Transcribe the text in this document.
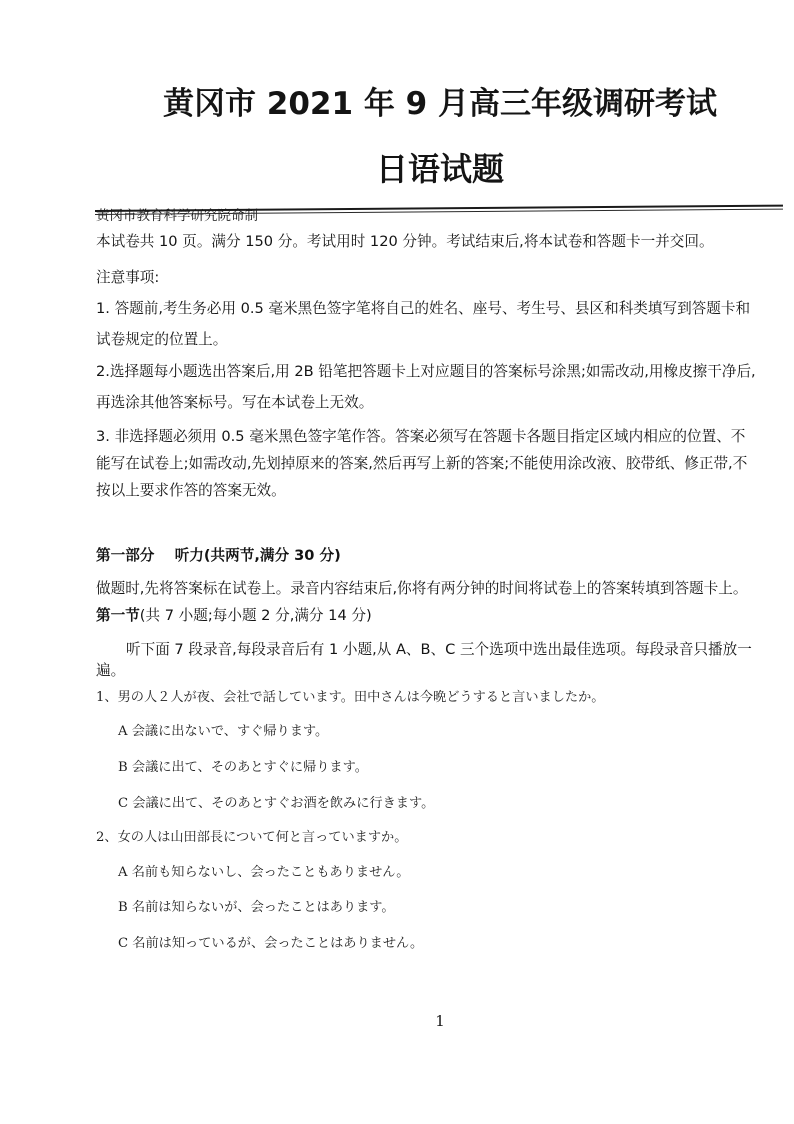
黄冈市 2021 年 9 月高三年级调研考试
日语试题

黄冈市教育科学研究院命制

本试卷共 10 页。满分 150 分。考试用时 120 分钟。考试结束后,将本试卷和答题卡一并交回。

注意事项:

1. 答题前,考生务必用 0.5 毫米黑色签字笔将自己的姓名、座号、考生号、县区和科类填写到答题卡和

试卷规定的位置上。

2.选择题每小题选出答案后,用 2B 铅笔把答题卡上对应题目的答案标号涂黑;如需改动,用橡皮擦干净后,

再选涂其他答案标号。写在本试卷上无效。

3. 非选择题必须用 0.5 毫米黑色签字笔作答。答案必须写在答题卡各题目指定区域内相应的位置、不

能写在试卷上;如需改动,先划掉原来的答案,然后再写上新的答案;不能使用涂改液、胶带纸、修正带,不

按以上要求作答的答案无效。

第一部分    听力(共两节,满分 30 分)

做题时,先将答案标在试卷上。录音内容结束后,你将有两分钟的时间将试卷上的答案转填到答题卡上。

第一节(共 7 小题;每小题 2 分,满分 14 分)

听下面 7 段录音,每段录音后有 1 小题,从 A、B、C 三个选项中选出最佳选项。每段录音只播放一

遍。

1、男の人２人が夜、会社で話しています。田中さんは今晩どうすると言いましたか。

A 会議に出ないで、すぐ帰ります。

B 会議に出て、そのあとすぐに帰ります。

C 会議に出て、そのあとすぐお酒を飲みに行きます。

2、女の人は山田部長について何と言っていますか。

A 名前も知らないし、会ったこともありません。

B 名前は知らないが、会ったことはあります。

C 名前は知っているが、会ったことはありません。

1
